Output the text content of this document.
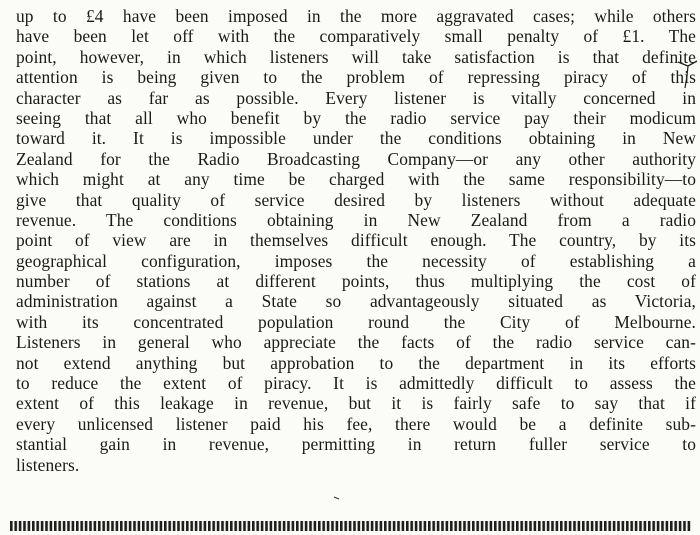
up to £4 have been imposed in the more aggravated cases; while others
have been let off with the comparatively small penalty of £1. The
point, however, in which listeners will take satisfaction is that definite
attention is being given to the problem of repressing piracy of this
character as far as possible. Every listener is vitally concerned in
seeing that all who benefit by the radio service pay their modicum
toward it. It is impossible under the conditions obtaining in New
Zealand for the Radio Broadcasting Company—or any other authority
which might at any time be charged with the same responsibility—to
give that quality of service desired by listeners without adequate
revenue. The conditions obtaining in New Zealand from a radio
point of view are in themselves difficult enough. The country, by its
geographical configuration, imposes the necessity of establishing a
number of stations at different points, thus multiplying the cost of
administration against a State so advantageously situated as Victoria,
with its concentrated population round the City of Melbourne.
Listeners in general who appreciate the facts of the radio service can-
not extend anything but approbation to the department in its efforts
to reduce the extent of piracy. It is admittedly difficult to assess the
extent of this leakage in revenue, but it is fairly safe to say that if
every unlicensed listener paid his fee, there would be a definite sub-
stantial gain in revenue, permitting in return fuller service to
listeners.
